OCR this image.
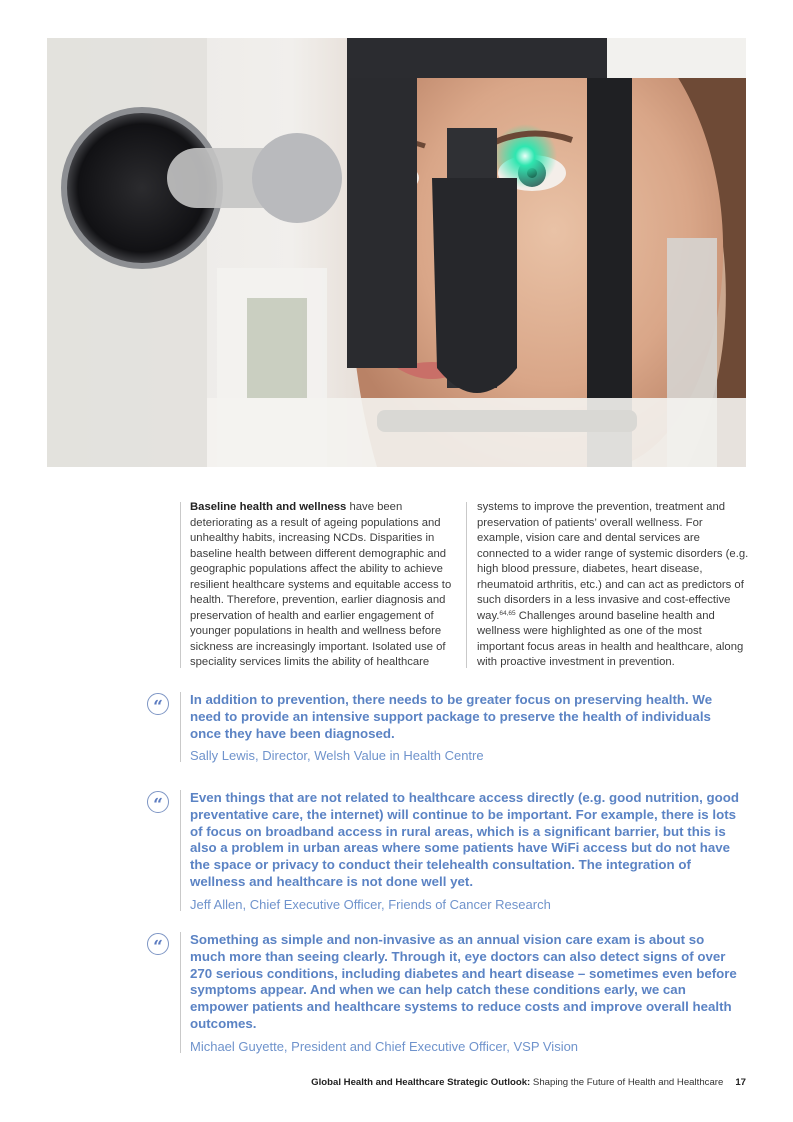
Baseline health and wellness have been deteriorating as a result of ageing populations and unhealthy habits, increasing NCDs. Disparities in baseline health between different demographic and geographic populations affect the ability to achieve resilient healthcare systems and equitable access to health. Therefore, prevention, earlier diagnosis and preservation of health and earlier engagement of younger populations in health and wellness before sickness are increasingly important. Isolated use of speciality services limits the ability of healthcare

systems to improve the prevention, treatment and preservation of patients’ overall wellness. For example, vision care and dental services are connected to a wider range of systemic disorders (e.g. high blood pressure, diabetes, heart disease, rheumatoid arthritis, etc.) and can act as predictors of such disorders in a less invasive and cost-effective way.$^{64,65}$ Challenges around baseline health and wellness were highlighted as one of the most important focus areas in health and healthcare, along with proactive investment in prevention.

“	In addition to prevention, there needs to be greater focus on preserving health. We need to provide an intensive support package to preserve the health of individuals once they have been diagnosed.

Sally Lewis, Director, Welsh Value in Health Centre

“	Even things that are not related to healthcare access directly (e.g. good nutrition, good preventative care, the internet) will continue to be important. For example, there is lots of focus on broadband access in rural areas, which is a significant barrier, but this is also a problem in urban areas where some patients have WiFi access but do not have the space or privacy to conduct their telehealth consultation. The integration of wellness and healthcare is not done well yet.

Jeff Allen, Chief Executive Officer, Friends of Cancer Research

“	Something as simple and non-invasive as an annual vision care exam is about so much more than seeing clearly. Through it, eye doctors can also detect signs of over 270 serious conditions, including diabetes and heart disease – sometimes even before symptoms appear. And when we can help catch these conditions early, we can empower patients and healthcare systems to reduce costs and improve overall health outcomes.

Michael Guyette, President and Chief Executive Officer, VSP Vision

Global Health and Healthcare Strategic Outlook: Shaping the Future of Health and Healthcare 17
